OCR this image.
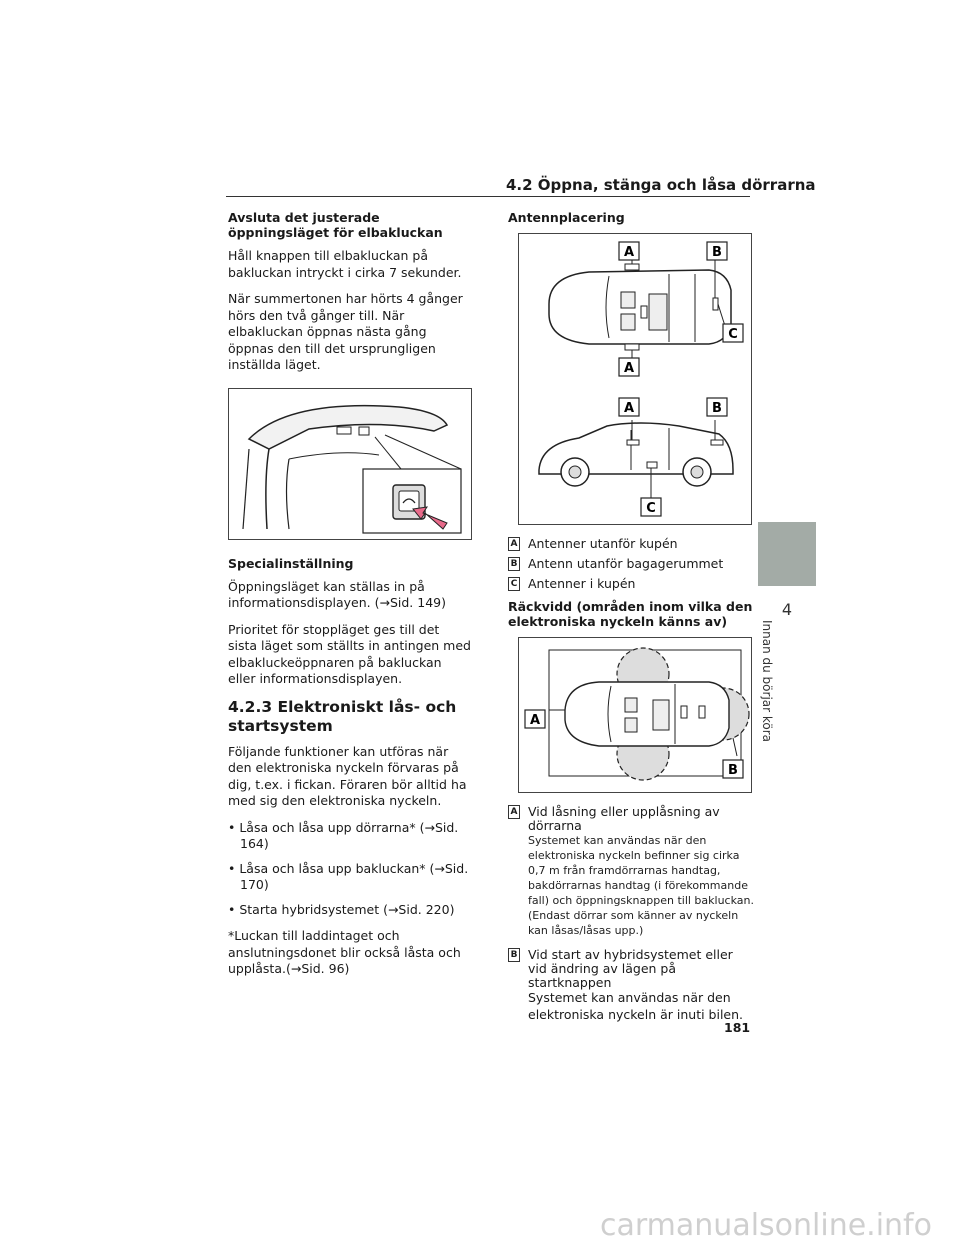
4.2 Öppna, stänga och låsa dörrarna
4
Innan du börjar köra
Avsluta det justerade öppningsläget för elbakluckan

Håll knappen till elbakluckan på bakluckan intryckt i cirka 7 sekunder.

När summertonen har hörts 4 gånger hörs den två gånger till. När elbakluckan öppnas nästa gång öppnas den till det ursprungligen inställda läget.

Specialinställning

Öppningsläget kan ställas in på informationsdisplayen. (→Sid. 149)

Prioritet för stoppläget ges till det sista läget som ställts in antingen med elbakluckeöppnaren på bakluckan eller informationsdisplayen.

4.2.3 Elektroniskt lås- och startsystem

Följande funktioner kan utföras när den elektroniska nyckeln förvaras på dig, t.ex. i fickan. Föraren bör alltid ha med sig den elektroniska nyckeln.

• Låsa och låsa upp dörrarna* (→Sid. 164)
• Låsa och låsa upp bakluckan* (→Sid. 170)
• Starta hybridsystemet (→Sid. 220)

*Luckan till laddintaget och anslutningsdonet blir också låsta och upplåsta.(→Sid. 96)

Antennplacering
A	B
C
A
A	B
C
A Antenner utanför kupén
B Antenn utanför bagagerummet
C Antenner i kupén
Räckvidd (områden inom vilka den elektroniska nyckeln känns av)
A
B
A Vid låsning eller upplåsning av dörrarna
Systemet kan användas när den elektroniska nyckeln befinner sig cirka 0,7 m från framdörrarnas handtag, bakdörrarnas handtag (i förekommande fall) och öppningsknappen till bakluckan. (Endast dörrar som känner av nyckeln kan låsas/låsas upp.)
B Vid start av hybridsystemet eller vid ändring av lägen på startknappen
Systemet kan användas när den elektroniska nyckeln är inuti bilen.
181
carmanualsonline.info
